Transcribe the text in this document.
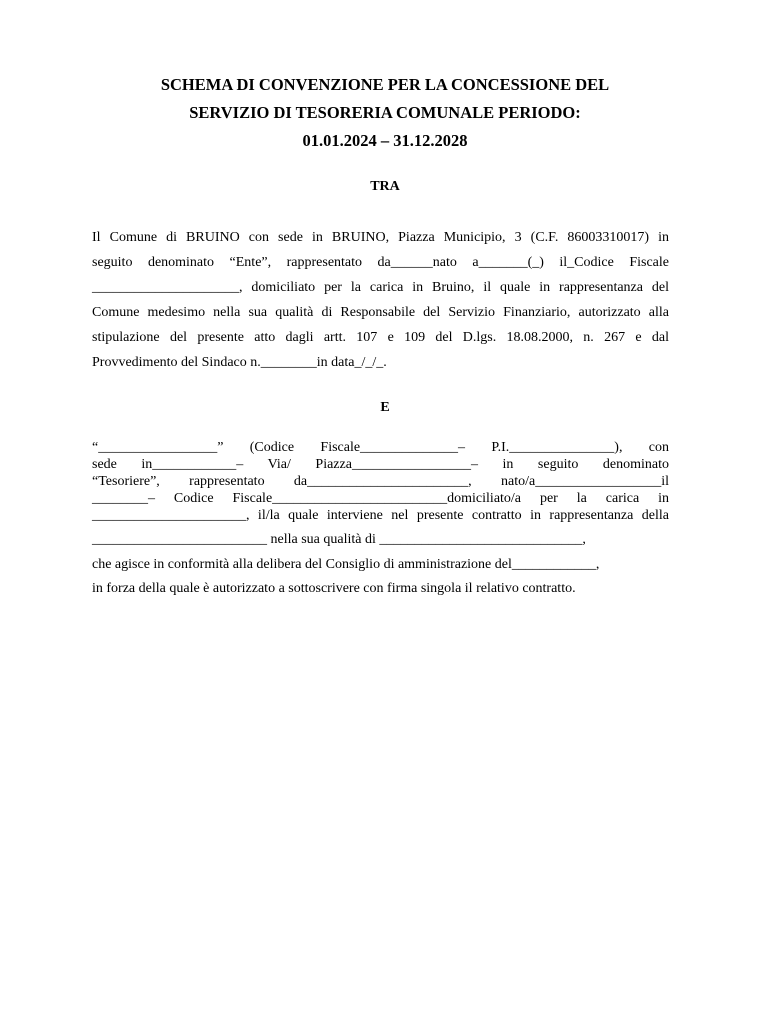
SCHEMA DI CONVENZIONE PER LA CONCESSIONE DEL
SERVIZIO DI TESORERIA COMUNALE PERIODO:
01.01.2024 – 31.12.2028
TRA
Il Comune di BRUINO con sede in BRUINO, Piazza Municipio, 3 (C.F. 86003310017) in
seguito denominato “Ente”, rappresentato da______nato a_______(_) il_Codice Fiscale
_____________________, domiciliato per la carica in Bruino, il quale in rappresentanza del
Comune medesimo nella sua qualità di Responsabile del Servizio Finanziario, autorizzato alla
stipulazione del presente atto dagli artt. 107 e 109 del D.lgs. 18.08.2000, n. 267 e dal
Provvedimento del Sindaco n.________in data_/_/_.
E
“_________________” (Codice Fiscale______________– P.I._______________), con
sede in____________– Via/ Piazza_________________– in seguito denominato
“Tesoriere”, rappresentato da_______________________, nato/a__________________il
________– Codice Fiscale_________________________domiciliato/a per la carica in
______________________, il/la quale interviene nel presente contratto in rappresentanza della
_________________________ nella sua qualità di _____________________________,
che agisce in conformità alla delibera del Consiglio di amministrazione del____________,
in forza della quale è autorizzato a sottoscrivere con firma singola il relativo contratto.
